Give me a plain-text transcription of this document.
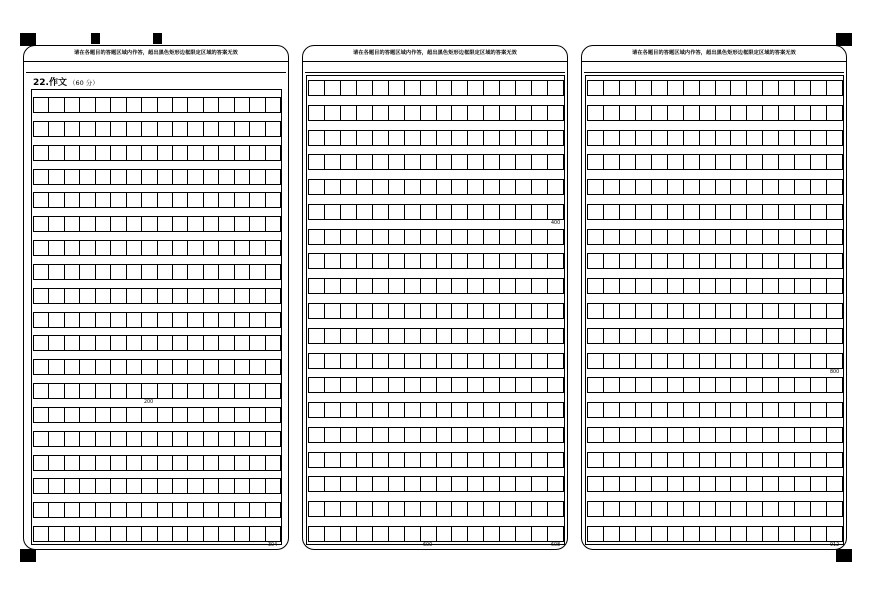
请在各题目的答题区域内作答，超出黑色矩形边框限定区域的答案无效
22.作文 （60 分）
200
304
请在各题目的答题区域内作答，超出黑色矩形边框限定区域的答案无效
400
600	608
请在各题目的答题区域内作答，超出黑色矩形边框限定区域的答案无效
800
912
